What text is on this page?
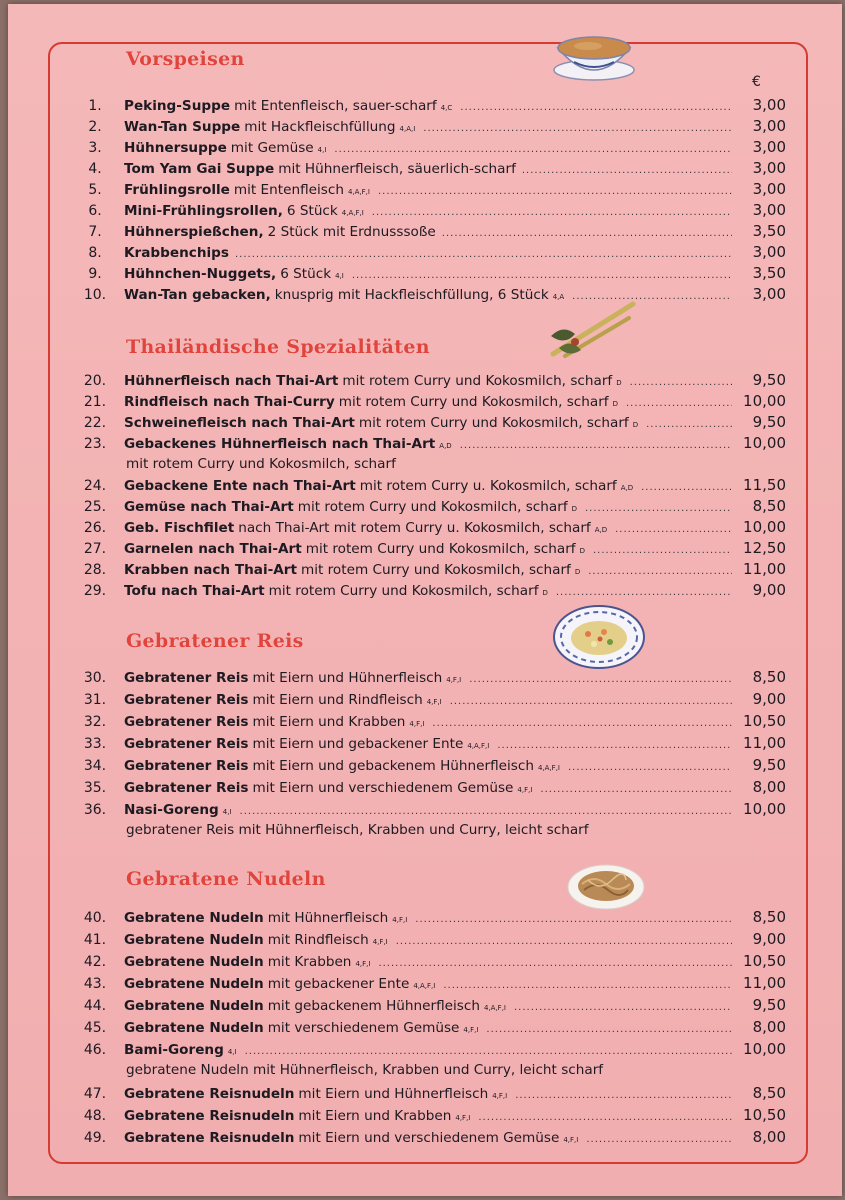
€
Vorspeisen
1.	Peking-Suppe mit Entenfleisch, sauer-scharf 4,C .....	3,00
2.	Wan-Tan Suppe mit Hackfleischfüllung 4,A,I .....	3,00
3.	Hühnersuppe mit Gemüse 4,I .....	3,00
4.	Tom Yam Gai Suppe mit Hühnerfleisch, säuerlich-scharf .....	3,00
5.	Frühlingsrolle mit Entenfleisch 4,A,F,I .....	3,00
6.	Mini-Frühlingsrollen, 6 Stück 4,A,F,I .....	3,00
7.	Hühnerspießchen, 2 Stück mit Erdnusssoße .....	3,50
8.	Krabbenchips .....	3,00
9.	Hühnchen-Nuggets, 6 Stück 4,I .....	3,50
10.	Wan-Tan gebacken, knusprig mit Hackfleischfüllung, 6 Stück 4,A .....	3,00
Thailändische Spezialitäten
20.	Hühnerfleisch nach Thai-Art mit rotem Curry und Kokosmilch, scharf D .....	9,50
21.	Rindfleisch nach Thai-Curry mit rotem Curry und Kokosmilch, scharf D .....	10,00
22.	Schweinefleisch nach Thai-Art mit rotem Curry und Kokosmilch, scharf D .....	9,50
23.	Gebackenes Hühnerfleisch nach Thai-Art A,D .....	10,00
mit rotem Curry und Kokosmilch, scharf
24.	Gebackene Ente nach Thai-Art mit rotem Curry u. Kokosmilch, scharf A,D .....	11,50
25.	Gemüse nach Thai-Art mit rotem Curry und Kokosmilch, scharf D .....	8,50
26.	Geb. Fischfilet nach Thai-Art mit rotem Curry u. Kokosmilch, scharf A,D .....	10,00
27.	Garnelen nach Thai-Art mit rotem Curry und Kokosmilch, scharf D .....	12,50
28.	Krabben nach Thai-Art mit rotem Curry und Kokosmilch, scharf D .....	11,00
29.	Tofu nach Thai-Art mit rotem Curry und Kokosmilch, scharf D .....	9,00
Gebratener Reis
30.	Gebratener Reis mit Eiern und Hühnerfleisch 4,F,I .....	8,50
31.	Gebratener Reis mit Eiern und Rindfleisch 4,F,I .....	9,00
32.	Gebratener Reis mit Eiern und Krabben 4,F,I .....	10,50
33.	Gebratener Reis mit Eiern und gebackener Ente 4,A,F,I .....	11,00
34.	Gebratener Reis mit Eiern und gebackenem Hühnerfleisch 4,A,F,I .....	9,50
35.	Gebratener Reis mit Eiern und verschiedenem Gemüse 4,F,I .....	8,00
36.	Nasi-Goreng 4,I .....	10,00
gebratener Reis mit Hühnerfleisch, Krabben und Curry, leicht scharf
Gebratene Nudeln
40.	Gebratene Nudeln mit Hühnerfleisch 4,F,I .....	8,50
41.	Gebratene Nudeln mit Rindfleisch 4,F,I .....	9,00
42.	Gebratene Nudeln mit Krabben 4,F,I .....	10,50
43.	Gebratene Nudeln mit gebackener Ente 4,A,F,I .....	11,00
44.	Gebratene Nudeln mit gebackenem Hühnerfleisch 4,A,F,I .....	9,50
45.	Gebratene Nudeln mit verschiedenem Gemüse 4,F,I .....	8,00
46.	Bami-Goreng 4,I .....	10,00
gebratene Nudeln mit Hühnerfleisch, Krabben und Curry, leicht scharf
47.	Gebratene Reisnudeln mit Eiern und Hühnerfleisch 4,F,I .....	8,50
48.	Gebratene Reisnudeln mit Eiern und Krabben 4,F,I .....	10,50
49.	Gebratene Reisnudeln mit Eiern und verschiedenem Gemüse 4,F,I .....	8,00
